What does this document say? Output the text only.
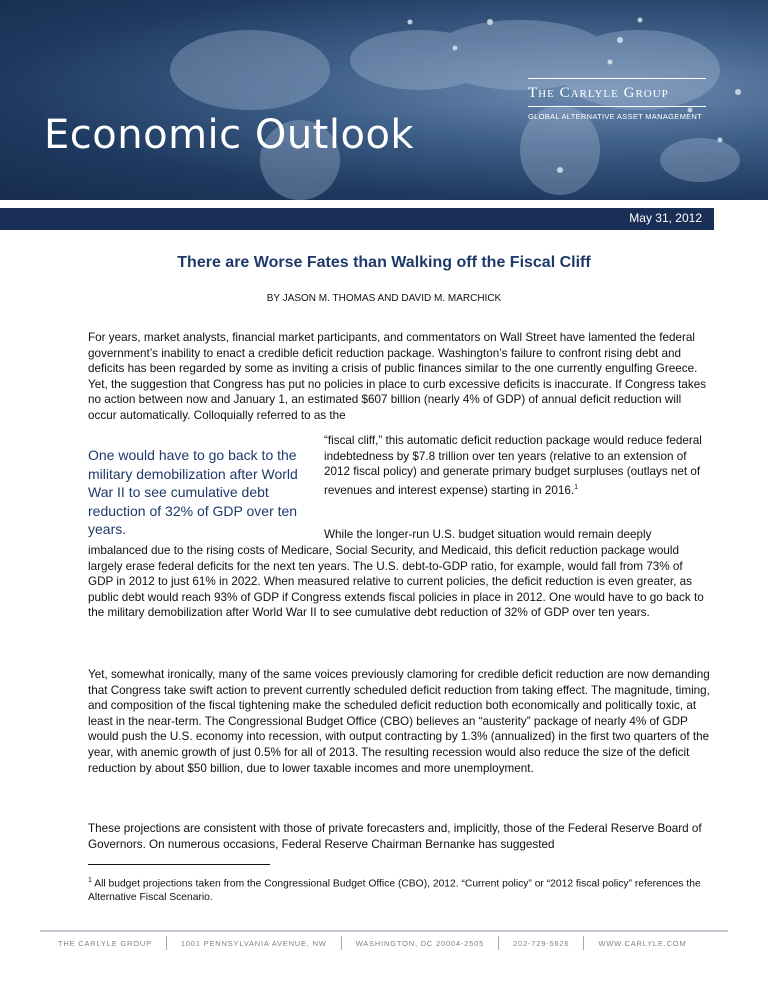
Economic Outlook
The Carlyle Group
GLOBAL ALTERNATIVE ASSET MANAGEMENT
May 31, 2012
There are Worse Fates than Walking off the Fiscal Cliff
BY JASON M. THOMAS AND DAVID M. MARCHICK
For years, market analysts, financial market participants, and commentators on Wall Street have lamented the federal government’s inability to enact a credible deficit reduction package. Washington’s failure to confront rising debt and deficits has been regarded by some as inviting a crisis of public finances similar to the one currently engulfing Greece. Yet, the suggestion that Congress has put no policies in place to curb excessive deficits is inaccurate. If Congress takes no action between now and January 1, an estimated $607 billion (nearly 4% of GDP) of annual deficit reduction will occur automatically. Colloquially referred to as the
One would have to go back to the military demobilization after World War II to see cumulative debt reduction of 32% of GDP over ten years.
“fiscal cliff,” this automatic deficit reduction package would reduce federal indebtedness by $7.8 trillion over ten years (relative to an extension of 2012 fiscal policy) and generate primary budget surpluses (outlays net of revenues and interest expense) starting in 2016.$^1$
While the longer-run U.S. budget situation would remain deeply
imbalanced due to the rising costs of Medicare, Social Security, and Medicaid, this deficit reduction package would largely erase federal deficits for the next ten years. The U.S. debt-to-GDP ratio, for example, would fall from 73% of GDP in 2012 to just 61% in 2022. When measured relative to current policies, the deficit reduction is even greater, as public debt would reach 93% of GDP if Congress extends fiscal policies in place in 2012. One would have to go back to the military demobilization after World War II to see cumulative debt reduction of 32% of GDP over ten years.
Yet, somewhat ironically, many of the same voices previously clamoring for credible deficit reduction are now demanding that Congress take swift action to prevent currently scheduled deficit reduction from taking effect. The magnitude, timing, and composition of the fiscal tightening make the scheduled deficit reduction both economically and politically toxic, at least in the near-term. The Congressional Budget Office (CBO) believes an “austerity” package of nearly 4% of GDP would push the U.S. economy into recession, with output contracting by 1.3% (annualized) in the first two quarters of the year, with anemic growth of just 0.5% for all of 2013. The resulting recession would also reduce the size of the deficit reduction by about $50 billion, due to lower taxable incomes and more unemployment.
These projections are consistent with those of private forecasters and, implicitly, those of the Federal Reserve Board of Governors. On numerous occasions, Federal Reserve Chairman Bernanke has suggested
$^1$ All budget projections taken from the Congressional Budget Office (CBO), 2012. “Current policy” or “2012 fiscal policy” references the Alternative Fiscal Scenario.
THE CARLYLE GROUP	1001 PENNSYLVANIA AVENUE, NW	WASHINGTON, DC 20004-2505	202-729-5626	WWW.CARLYLE.COM
